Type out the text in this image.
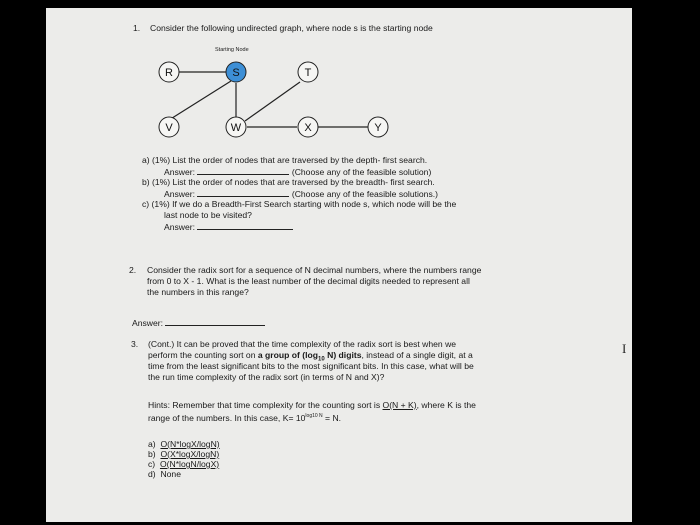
1. Consider the following undirected graph, where node s is the starting node
Starting Node
R	S	T
V	W	X	Y
a) (1%) List the order of nodes that are traversed by the depth- first search.
Answer:	(Choose any of the feasible solution)
b) (1%) List the order of nodes that are traversed by the breadth- first search.
Answer:	(Choose any of the feasible solutions.)
c) (1%) If we do a Breadth-First Search starting with node s, which node will be the
last node to be visited?
Answer:
2. Consider the radix sort for a sequence of N decimal numbers, where the numbers range
from 0 to X - 1. What is the least number of the decimal digits needed to represent all
the numbers in this range?
Answer:
3. (Cont.) It can be proved that the time complexity of the radix sort is best when we
perform the counting sort on a group of ($\log_{10}$ N) digits, instead of a single digit, at a
time from the least significant bits to the most significant bits. In this case, what will be
the run time complexity of the radix sort (in terms of N and X)?
Hints: Remember that time complexity for the counting sort is O(N + K), where K is the
range of the numbers. In this case, $K= 10^{log10 N} = N$.
a) O(N*logX/logN)
b) O(X*logX/logN)
c) O(N*logN/logX)
d) None
I
